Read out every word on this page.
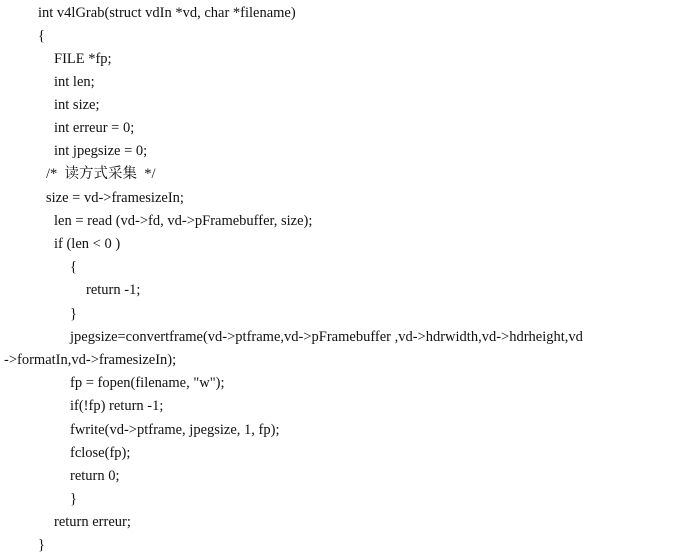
int v4lGrab(struct vdIn *vd, char *filename)
{
FILE *fp;
int len;
int size;
int erreur = 0;
int jpegsize = 0;
/*  读方式采集  */
size = vd->framesizeIn;
len = read (vd->fd, vd->pFramebuffer, size);
if (len < 0 )
{
return -1;
}
jpegsize=convertframe(vd->ptframe,vd->pFramebuffer ,vd->hdrwidth,vd->hdrheight,vd
->formatIn,vd->framesizeIn);
fp = fopen(filename, "w");
if(!fp) return -1;
fwrite(vd->ptframe, jpegsize, 1, fp);
fclose(fp);
return 0;
}
return erreur;
}
